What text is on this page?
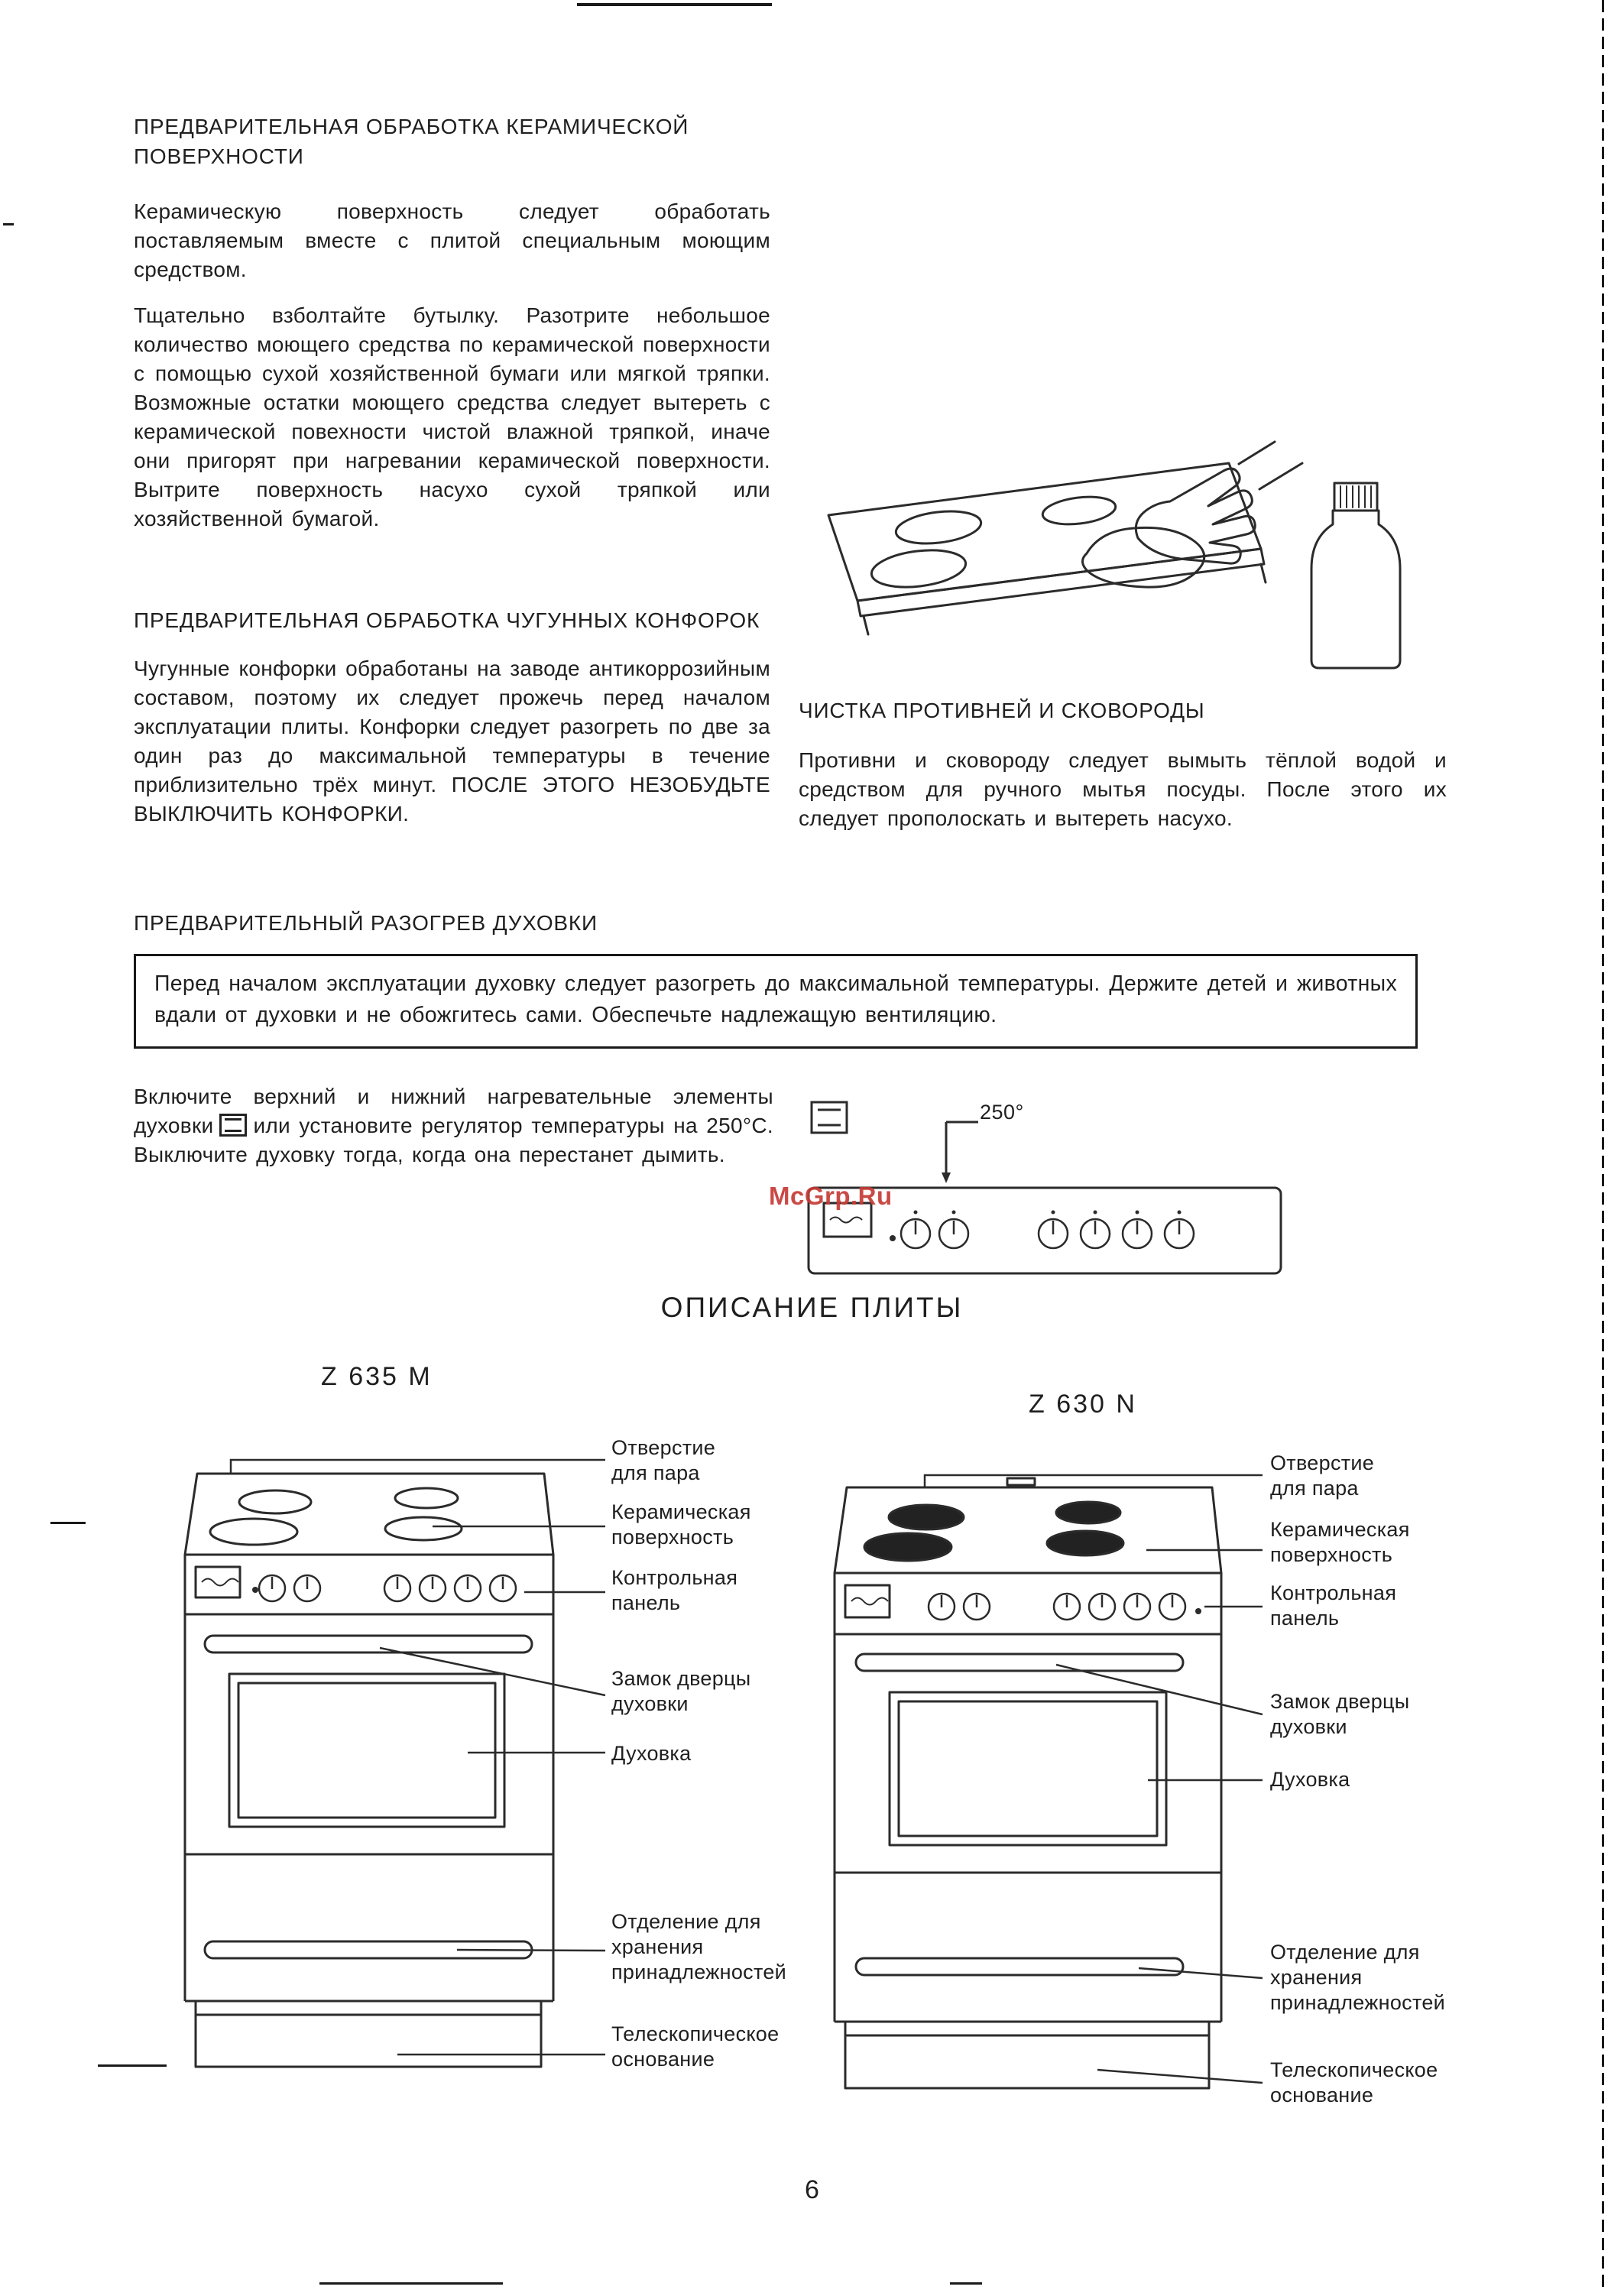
ПРЕДВАРИТЕЛЬНАЯ ОБРАБОТКА КЕРАМИЧЕСКОЙ ПОВЕРХНОСТИ

Керамическую поверхность следует обработать поставляемым вместе с плитой специальным моющим средством.

Тщательно взболтайте бутылку. Разотрите небольшое количество моющего средства по керамической поверхности с помощью сухой хозяйственной бумаги или мягкой тряпки. Возможные остатки моющего средства следует вытереть с керамической повехности чистой влажной тряпкой, иначе они пригорят при нагревании керамической поверхности. Вытрите поверхность насухо сухой тряпкой или хозяйственной бумагой.

ПРЕДВАРИТЕЛЬНАЯ ОБРАБОТКА ЧУГУННЫХ КОНФОРОК

Чугунные конфорки обработаны на заводе антикоррозийным составом, поэтому их следует прожечь перед началом эксплуатации плиты. Конфорки следует разогреть по две за один раз до максимальной температуры в течение приблизительно трёх минут. ПОСЛЕ ЭТОГО НЕЗОБУДЬТЕ ВЫКЛЮЧИТЬ КОНФОРКИ.

ПРЕДВАРИТЕЛЬНЫЙ РАЗОГРЕВ ДУХОВКИ

Перед началом эксплуатации духовку следует разогреть до максимальной температуры. Держите детей и животных вдали от духовки и не обожгитесь сами. Обеспечьте надлежащую вентиляцию.

Включите верхний и нижний нагревательные элементы духовки или установите регулятор температуры на 250°С. Выключите духовку тогда, когда она перестанет дымить.

ЧИСТКА ПРОТИВНЕЙ И СКОВОРОДЫ

Противни и сковороду следует вымыть тёплой водой и средством для ручного мытья посуды. После этого их следует прополоскать и вытереть насухо.

250°
McGrp.Ru
ОПИСАНИЕ ПЛИТЫ
Z 635 M
Z 630 N
Отверстие для пара
Керамическая поверхность
Контрольная панель
Замок дверцы духовки
Духовка
Отделение для хранения принадлежностей
Телескопическое основание
Отверстие для пара
Керамическая поверхность
Контрольная панель
Замок дверцы духовки
Духовка
Отделение для хранения принадлежностей
Телескопическое основание
6
